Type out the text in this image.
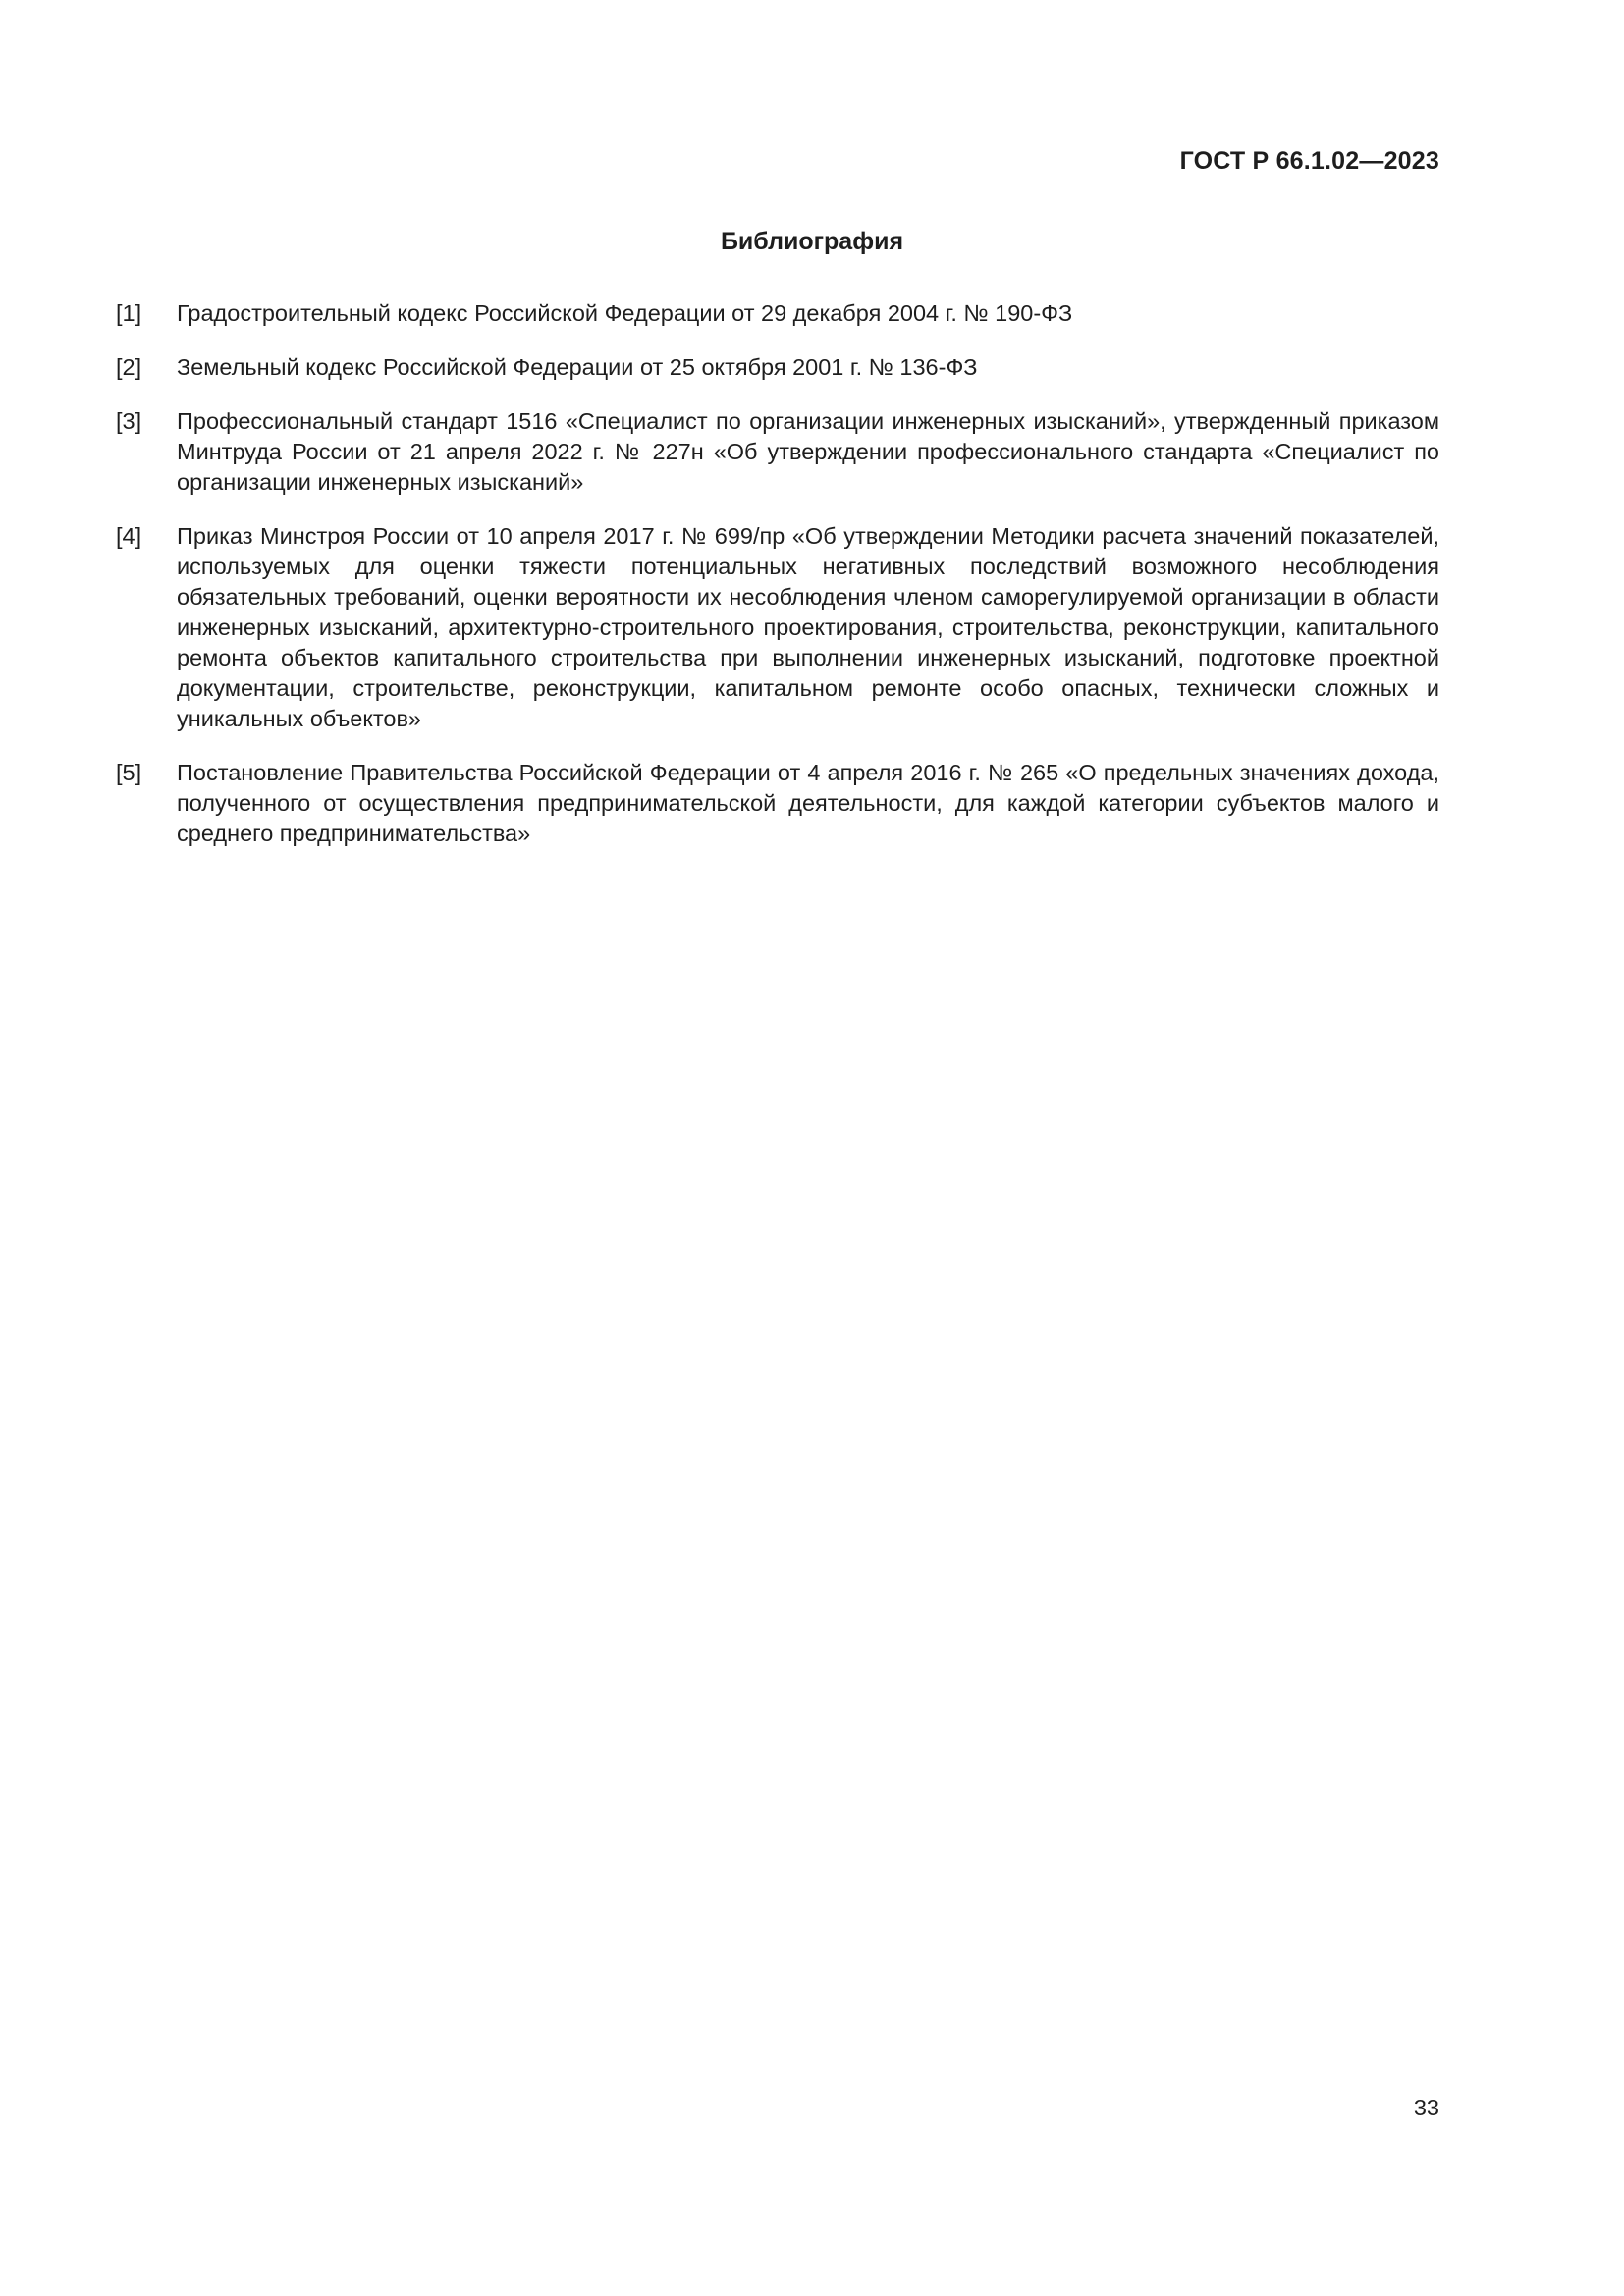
ГОСТ Р 66.1.02—2023
Библиография
[1]	Градостроительный кодекс Российской Федерации от 29 декабря 2004 г. № 190-ФЗ
[2]	Земельный кодекс Российской Федерации от 25 октября 2001 г. № 136-ФЗ
[3]	Профессиональный стандарт 1516 «Специалист по организации инженерных изысканий», утвержденный приказом Минтруда России от 21 апреля 2022 г. № 227н «Об утверждении профессионального стандарта «Специалист по организации инженерных изысканий»
[4]	Приказ Минстроя России от 10 апреля 2017 г. № 699/пр «Об утверждении Методики расчета значений показателей, используемых для оценки тяжести потенциальных негативных последствий возможного несоблюдения обязательных требований, оценки вероятности их несоблюдения членом саморегулируемой организации в области инженерных изысканий, архитектурно-строительного проектирования, строительства, реконструкции, капитального ремонта объектов капитального строительства при выполнении инженерных изысканий, подготовке проектной документации, строительстве, реконструкции, капитальном ремонте особо опасных, технически сложных и уникальных объектов»
[5]	Постановление Правительства Российской Федерации от 4 апреля 2016 г. № 265 «О предельных значениях дохода, полученного от осуществления предпринимательской деятельности, для каждой категории субъектов малого и среднего предпринимательства»
33
